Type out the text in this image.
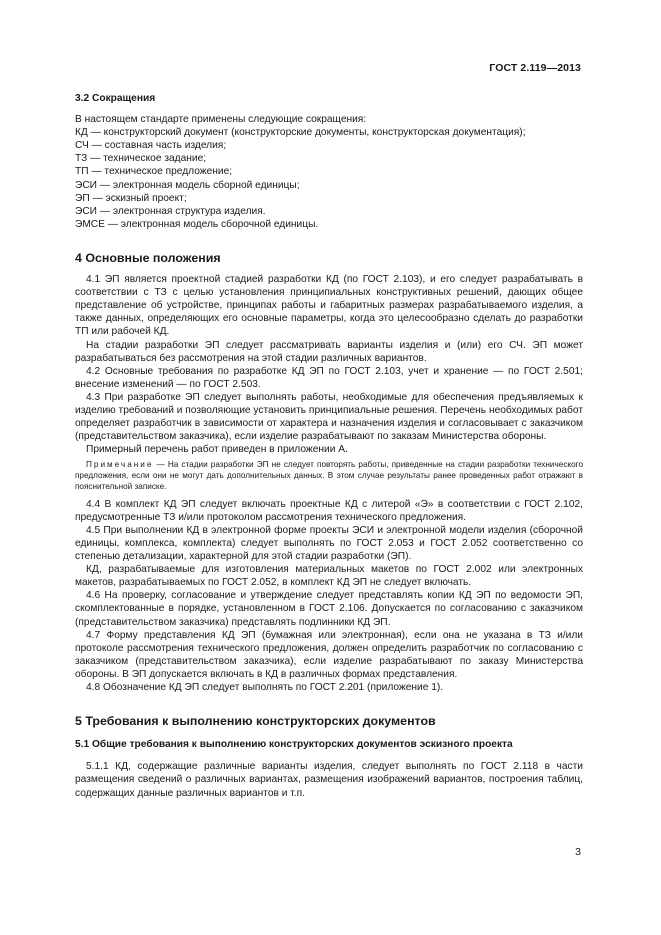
ГОСТ 2.119—2013
3.2 Сокращения

В настоящем стандарте применены следующие сокращения:

КД — конструкторский документ (конструкторские документы, конструкторская документация);
СЧ — составная часть изделия;
ТЗ — техническое задание;
ТП — техническое предложение;
ЭСИ — электронная модель сборной единицы;
ЭП — эскизный проект;
ЭСИ — электронная структура изделия.
ЭМСЕ — электронная модель сборочной единицы.
4 Основные положения

4.1 ЭП является проектной стадией разработки КД (по ГОСТ 2.103), и его следует разрабатывать в соответствии с ТЗ с целью установления принципиальных конструктивных решений, дающих общее представление об устройстве, принципах работы и габаритных размерах разрабатываемого изделия, а также данных, определяющих его основные параметры, когда это целесообразно сделать до разработки ТП или рабочей КД.

На стадии разработки ЭП следует рассматривать варианты изделия и (или) его СЧ. ЭП может разрабатываться без рассмотрения на этой стадии различных вариантов.

4.2 Основные требования по разработке КД ЭП по ГОСТ 2.103, учет и хранение — по ГОСТ 2.501; внесение изменений — по ГОСТ 2.503.

4.3 При разработке ЭП следует выполнять работы, необходимые для обеспечения предъявляемых к изделию требований и позволяющие установить принципиальные решения. Перечень необходимых работ определяет разработчик в зависимости от характера и назначения изделия и согласовывает с заказчиком (представительством заказчика), если изделие разрабатывают по заказам Министерства обороны.

Примерный перечень работ приведен в приложении А.

Примечание — На стадии разработки ЭП не следует повторять работы, приведенные на стадии разработки технического предложения, если они не могут дать дополнительных данных. В этом случае результаты ранее проведенных работ отражают в пояснительной записке.

4.4 В комплект КД ЭП следует включать проектные КД с литерой «Э» в соответствии с ГОСТ 2.102, предусмотренные ТЗ и/или протоколом рассмотрения технического предложения.

4.5 При выполнении КД в электронной форме проекты ЭСИ и электронной модели изделия (сборочной единицы, комплекса, комплекта) следует выполнять по ГОСТ 2.053 и ГОСТ 2.052 соответственно со степенью детализации, характерной для этой стадии разработки (ЭП).

КД, разрабатываемые для изготовления материальных макетов по ГОСТ 2.002 или электронных макетов, разрабатываемых по ГОСТ 2.052, в комплект КД ЭП не следует включать.

4.6 На проверку, согласование и утверждение следует представлять копии КД ЭП по ведомости ЭП, скомплектованные в порядке, установленном в ГОСТ 2.106. Допускается по согласованию с заказчиком (представительством заказчика) представлять подлинники КД ЭП.

4.7 Форму представления КД ЭП (бумажная или электронная), если она не указана в ТЗ и/или протоколе рассмотрения технического предложения, должен определить разработчик по согласованию с заказчиком (представительством заказчика), если изделие разрабатывают по заказу Министерства обороны. В ЭП допускается включать в КД в различных формах представления.

4.8 Обозначение КД ЭП следует выполнять по ГОСТ 2.201 (приложение 1).

5 Требования к выполнению конструкторских документов
5.1 Общие требования к выполнению конструкторских документов эскизного проекта

5.1.1 КД, содержащие различные варианты изделия, следует выполнять по ГОСТ 2.118 в части размещения сведений о различных вариантах, размещения изображений вариантов, построения таблиц, содержащих данные различных вариантов и т.п.

3
